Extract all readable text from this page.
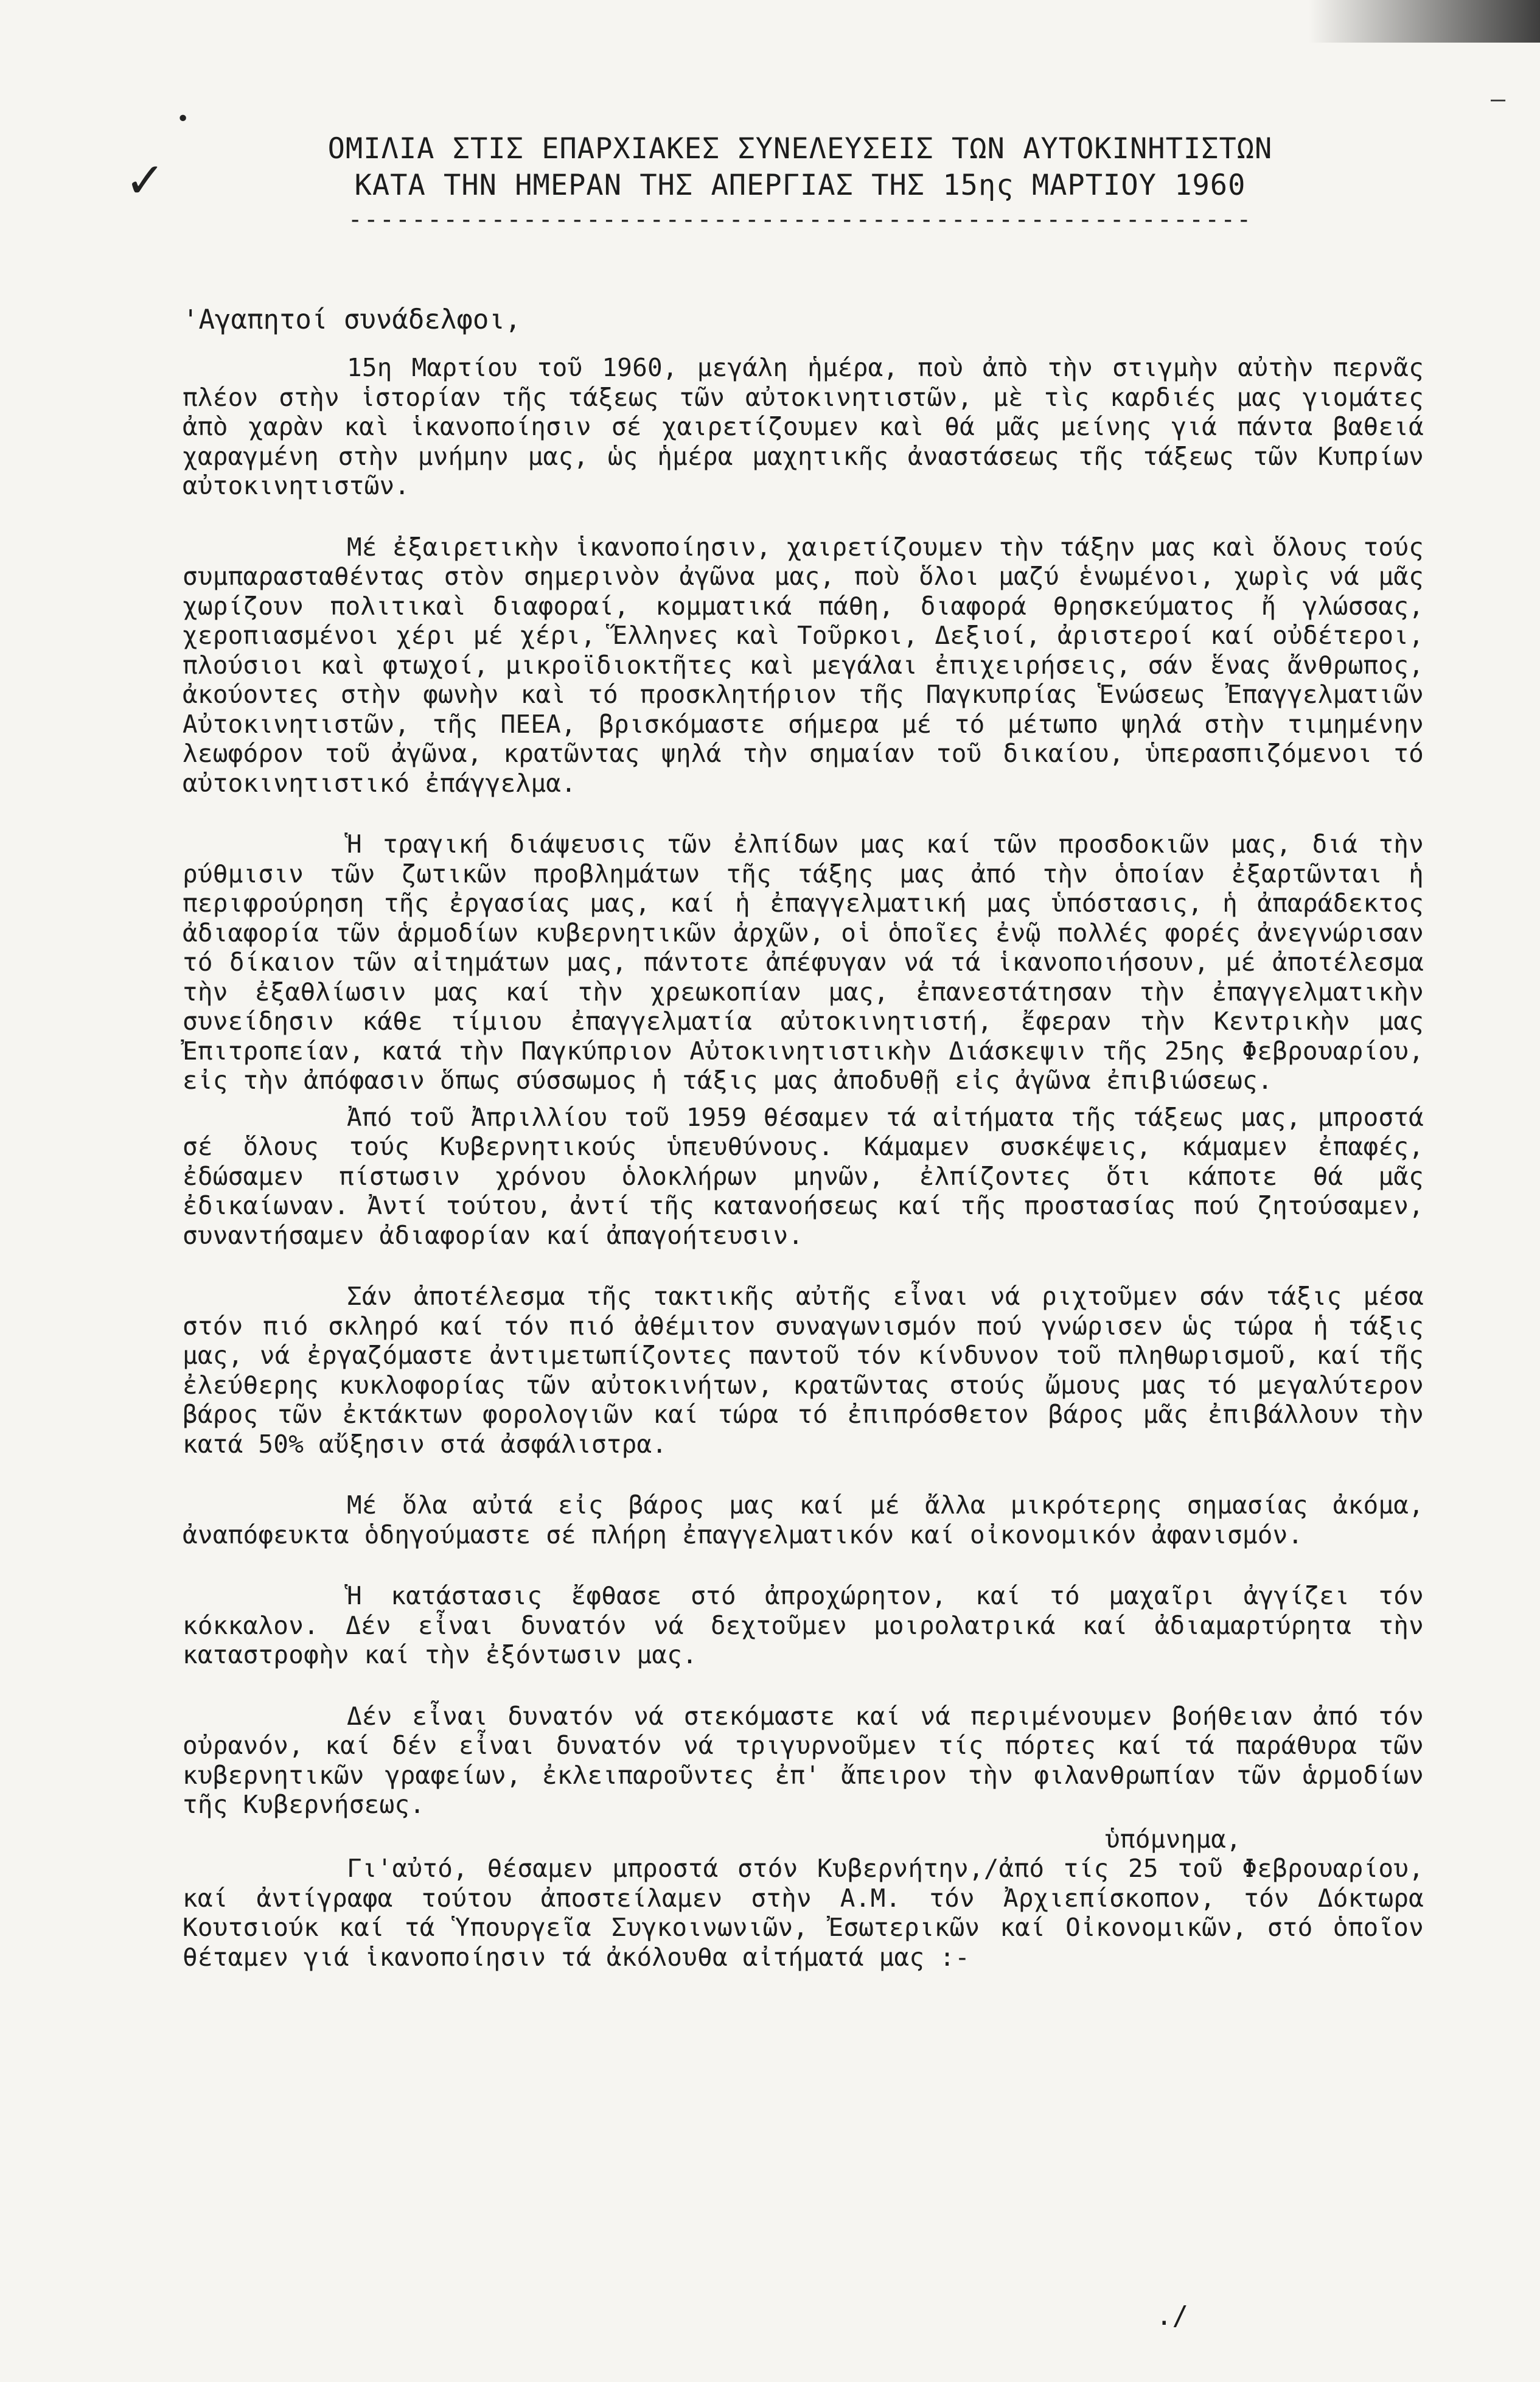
•
✓
—
ΟΜΙΛΙΑ ΣΤΙΣ ΕΠΑΡΧΙΑΚΕΣ ΣΥΝΕΛΕΥΣΕΙΣ ΤΩΝ ΑΥΤΟΚΙΝΗΤΙΣΤΩΝ
ΚΑΤΑ ΤΗΝ ΗΜΕΡΑΝ ΤΗΣ ΑΠΕΡΓΙΑΣ ΤΗΣ 15ης ΜΑΡΤΙΟΥ 1960
---------------------------------------------------------
'Αγαπητοί συνάδελφοι,

15η Μαρτίου τοῦ 1960, μεγάλη ἡμέρα, ποὺ ἀπὸ τὴν στιγμὴν αὐτὴν περνᾶς πλέον στὴν ἱστορίαν τῆς τάξεως τῶν αὐτοκινητιστῶν, μὲ τὶς καρδιές μας γιομάτες ἀπὸ χαρὰν καὶ ἱκανοποίησιν σέ χαιρετίζουμεν καὶ θά μᾶς μείνης γιά πάντα βαθειά χαραγμένη στὴν μνήμην μας, ὡς ἡμέρα μαχητικῆς ἀναστάσεως τῆς τάξεως τῶν Κυπρίων αὐτοκινητιστῶν.

Μέ ἐξαιρετικὴν ἱκανοποίησιν, χαιρετίζουμεν τὴν τάξην μας καὶ ὅλους τούς συμπαρασταθέντας στὸν σημερινὸν ἀγῶνα μας, ποὺ ὅλοι μαζύ ἑνωμένοι, χωρὶς νά μᾶς χωρίζουν πολιτικαὶ διαφοραί, κομματικά πάθη, διαφορά θρησκεύματος ἤ γλώσσας, χεροπιασμένοι χέρι μέ χέρι, Ἕλληνες καὶ Τοῦρκοι, Δεξιοί, ἀριστεροί καί οὐδέτεροι, πλούσιοι καὶ φτωχοί, μικροϊδιοκτῆτες καὶ μεγάλαι ἐπιχειρήσεις, σάν ἕνας ἄνθρωπος, ἀκούοντες στὴν φωνὴν καὶ τό προσκλητήριον τῆς Παγκυπρίας Ἑνώσεως Ἐπαγγελματιῶν Αὐτοκινητιστῶν, τῆς ΠΕΕΑ, βρισκόμαστε σήμερα μέ τό μέτωπο ψηλά στὴν τιμημένην λεωφόρον τοῦ ἀγῶνα, κρατῶντας ψηλά τὴν σημαίαν τοῦ δικαίου, ὑπερασπιζόμενοι τό αὐτοκινητιστικό ἐπάγγελμα.

Ἡ τραγική διάψευσις τῶν ἐλπίδων μας καί τῶν προσδοκιῶν μας, διά τὴν ρύθμισιν τῶν ζωτικῶν προβλημάτων τῆς τάξης μας ἀπό τὴν ὁποίαν ἐξαρτῶνται ἡ περιφρούρηση τῆς ἐργασίας μας, καί ἡ ἐπαγγελματική μας ὑπόστασις, ἡ ἀπαράδεκτος ἀδιαφορία τῶν ἁρμοδίων κυβερνητικῶν ἀρχῶν, οἱ ὁποῖες ἐνῷ πολλές φορές ἀνεγνώρισαν τό δίκαιον τῶν αἰτημάτων μας, πάντοτε ἀπέφυγαν νά τά ἱκανοποιήσουν, μέ ἀποτέλεσμα τὴν ἐξαθλίωσιν μας καί τὴν χρεωκοπίαν μας, ἐπανεστάτησαν τὴν ἐπαγγελματικὴν συνείδησιν κάθε τίμιου ἐπαγγελματία αὐτοκινητιστή, ἔφεραν τὴν Κεντρικὴν μας Ἐπιτροπείαν, κατά τὴν Παγκύπριον Αὐτοκινητιστικὴν Διάσκεψιν τῆς 25ης Φεβρουαρίου, εἰς τὴν ἀπόφασιν ὅπως σύσσωμος ἡ τάξις μας ἀποδυθῇ εἰς ἀγῶνα ἐπιβιώσεως.

Ἀπό τοῦ Ἀπριλλίου τοῦ 1959 θέσαμεν τά αἰτήματα τῆς τάξεως μας, μπροστά σέ ὅλους τούς Κυβερνητικούς ὑπευθύνους. Κάμαμεν συσκέψεις, κάμαμεν ἐπαφές, ἐδώσαμεν πίστωσιν χρόνου ὁλοκλήρων μηνῶν, ἐλπίζοντες ὅτι κάποτε θά μᾶς ἐδικαίωναν. Ἀντί τούτου, ἀντί τῆς κατανοήσεως καί τῆς προστασίας πού ζητούσαμεν, συναντήσαμεν ἀδιαφορίαν καί ἀπαγοήτευσιν.

Σάν ἀποτέλεσμα τῆς τακτικῆς αὐτῆς εἶναι νά ριχτοῦμεν σάν τάξις μέσα στόν πιό σκληρό καί τόν πιό ἀθέμιτον συναγωνισμόν πού γνώρισεν ὡς τώρα ἡ τάξις μας, νά ἐργαζόμαστε ἀντιμετωπίζοντες παντοῦ τόν κίνδυνον τοῦ πληθωρισμοῦ, καί τῆς ἐλεύθερης κυκλοφορίας τῶν αὐτοκινήτων, κρατῶντας στούς ὤμους μας τό μεγαλύτερον βάρος τῶν ἐκτάκτων φορολογιῶν καί τώρα τό ἐπιπρόσθετον βάρος μᾶς ἐπιβάλλουν τὴν κατά 50% αὔξησιν στά ἀσφάλιστρα.

Μέ ὅλα αὐτά εἰς βάρος μας καί μέ ἄλλα μικρότερης σημασίας ἀκόμα, ἀναπόφευκτα ὁδηγούμαστε σέ πλήρη ἐπαγγελματικόν καί οἰκονομικόν ἀφανισμόν.

Ἡ κατάστασις ἔφθασε στό ἀπροχώρητον, καί τό μαχαῖρι ἀγγίζει τόν κόκκαλον. Δέν εἶναι δυνατόν νά δεχτοῦμεν μοιρολατρικά καί ἀδιαμαρτύρητα τὴν καταστροφὴν καί τὴν ἐξόντωσιν μας.

Δέν εἶναι δυνατόν νά στεκόμαστε καί νά περιμένουμεν βοήθειαν ἀπό τόν οὐρανόν, καί δέν εἶναι δυνατόν νά τριγυρνοῦμεν τίς πόρτες καί τά παράθυρα τῶν κυβερνητικῶν γραφείων, ἐκλειπαροῦντες ἐπ' ἄπειρον τὴν φιλανθρωπίαν τῶν ἁρμοδίων τῆς Κυβερνήσεως.

ὑπόμνημα,

Γι'αὐτό, θέσαμεν μπροστά στόν Κυβερνήτην,/ἀπό τίς 25 τοῦ Φεβρουαρίου, καί ἀντίγραφα τούτου ἀποστείλαμεν στὴν Α.Μ. τόν Ἀρχιεπίσκοπον, τόν Δόκτωρα Κουτσιούκ καί τά Ὑπουργεῖα Συγκοινωνιῶν, Ἐσωτερικῶν καί Οἰκονομικῶν, στό ὁποῖον θέταμεν γιά ἱκανοποίησιν τά ἀκόλουθα αἰτήματά μας :-

./
